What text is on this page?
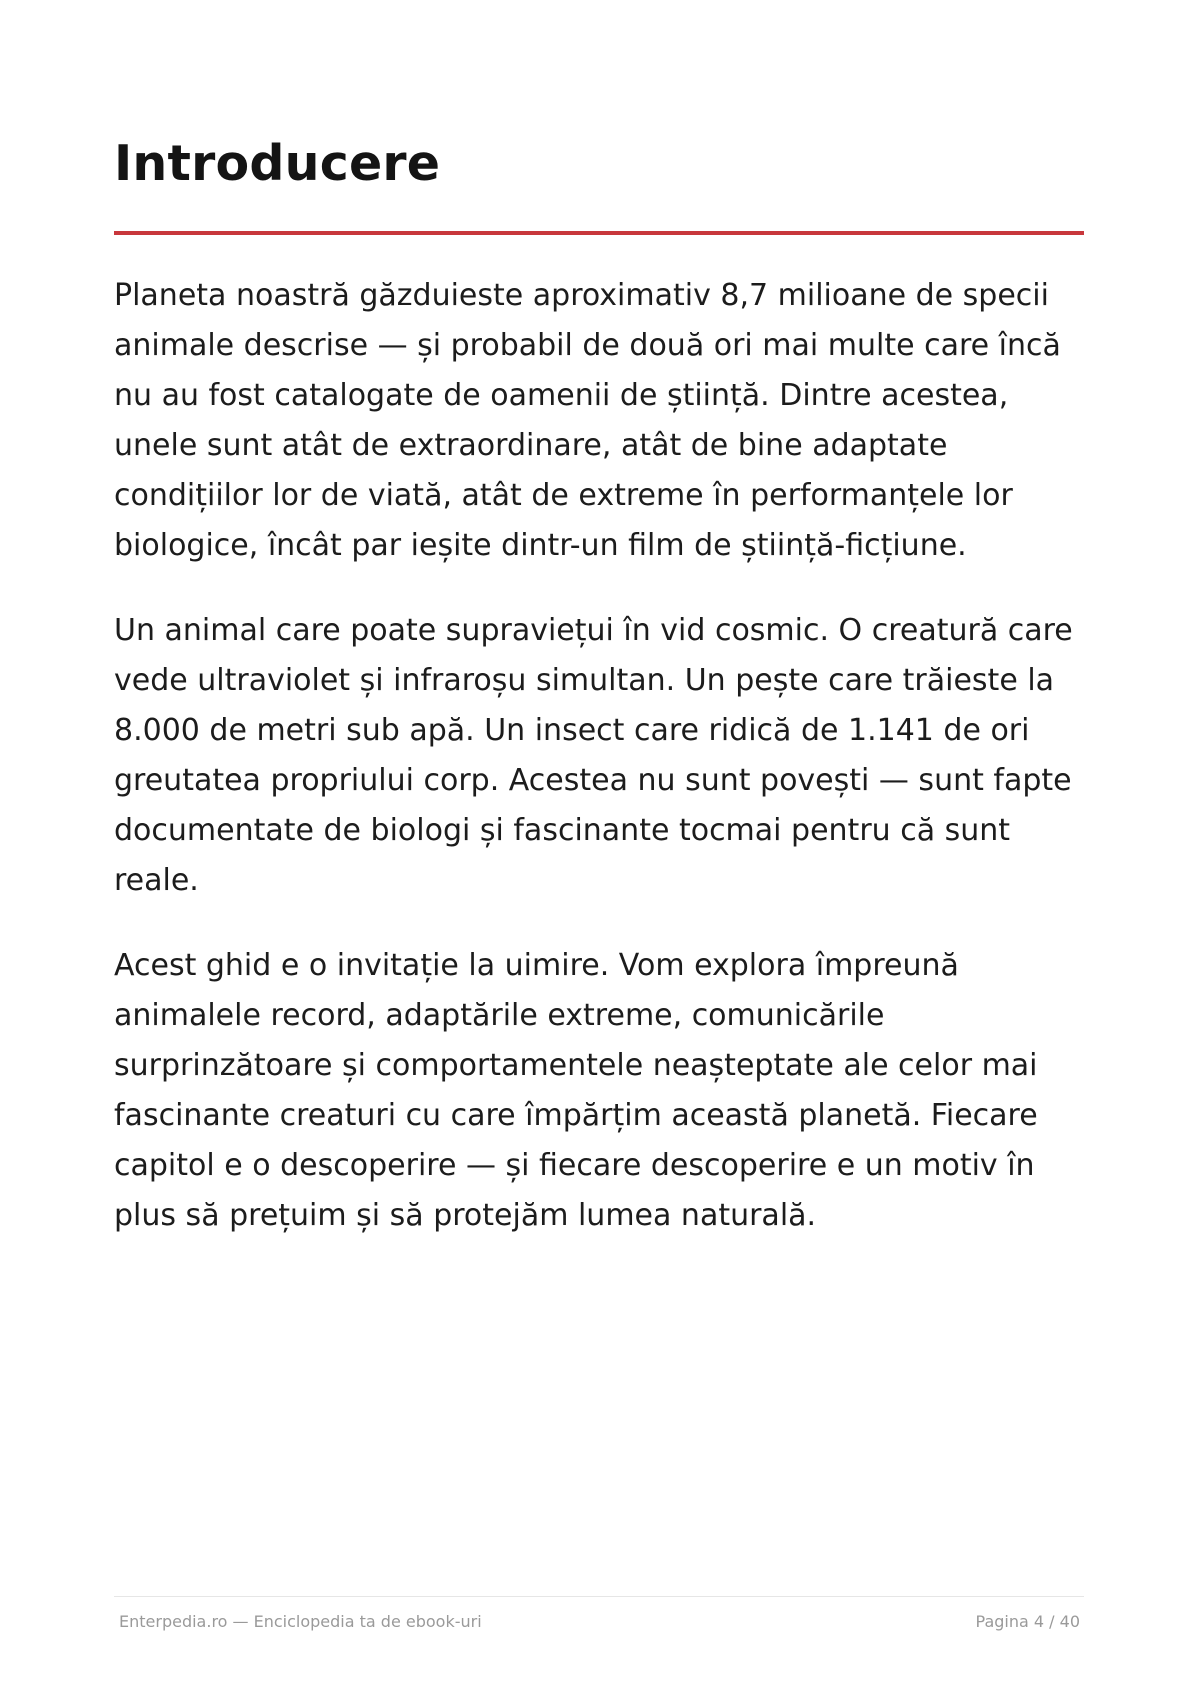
Introducere

Planeta noastră găzduieste aproximativ 8,7 milioane de specii animale descrise — și probabil de două ori mai multe care încă nu au fost catalogate de oamenii de știință. Dintre acestea, unele sunt atât de extraordinare, atât de bine adaptate condițiilor lor de viată, atât de extreme în performanțele lor biologice, încât par ieșite dintr-un film de știință-ficțiune.

Un animal care poate supraviețui în vid cosmic. O creatură care vede ultraviolet și infraroșu simultan. Un pește care trăieste la 8.000 de metri sub apă. Un insect care ridică de 1.141 de ori greutatea propriului corp. Acestea nu sunt povești — sunt fapte documentate de biologi și fascinante tocmai pentru că sunt reale.

Acest ghid e o invitație la uimire. Vom explora împreună animalele record, adaptările extreme, comunicările surprinzătoare și comportamentele neașteptate ale celor mai fascinante creaturi cu care împărțim această planetă. Fiecare capitol e o descoperire — și fiecare descoperire e un motiv în plus să prețuim și să protejăm lumea naturală.

Enterpedia.ro — Enciclopedia ta de ebook-uri	Pagina 4 / 40
